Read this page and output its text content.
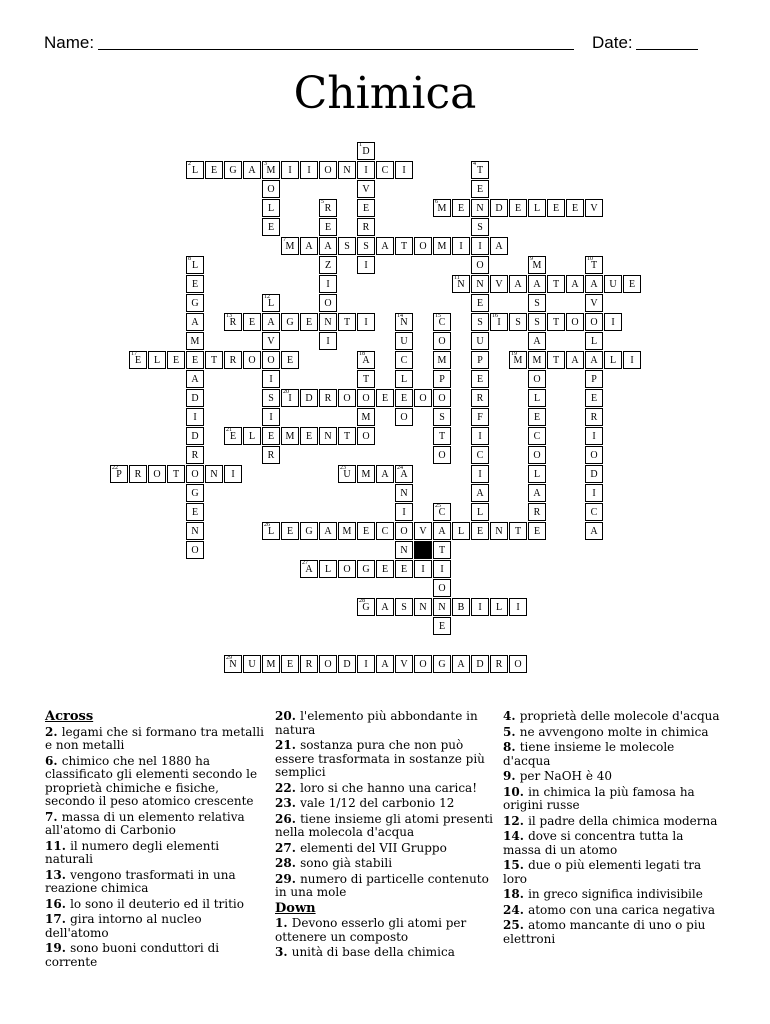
Name:	Date:
Chimica
2
L	E	G	A
3
M	I	I	O	N	I	C	I
6
M	E	N	D	E	L	E	E	V
7
M	A	A	S	S	A	T	O	M	I	I	A
11
N	N	V	A	A	T	A	A	U	E
13
R	E	A	G	E	N	T	I
16
I	S	S	T	O	O	I
17
E	L	E	E	T	R	O	O	E
19
M	M	T	A	A	L	I
20
I	D	R	O	O	E	E	O
21
E	L	E	M	E	N	T	O
22
P	R	O	T	O	N	I
23
U	M	A
26
L	E	G	A	M	E	C	O	V	A	L	E	N	T	E
27
A	L	O	G	E	E	I
28
G	A	S	N	N	B	I	L	I
29
N	U	M	E	R	O	D	I	A	V	O	G	A	D	R	O
1
D
V
E
R
I
O
L
E
4
T
E
S
O
E
S
U
P
E
R
F
I
C
I
A
L
5
R
E
Z
I
O
I
8
L
E
G
A
M
A
D
I
D
R
G
E
N
O
9
M
S
A
O
L
E
C
O
L
A
R
10
T
V
L
P
E
R
I
O
D
I
C
A
12
L
V
I
S
I
R
14
N
U
C
L
O
15
C
O
M
P
O
S
T
O
18
A
T
M
24
A
N
I
N
25
C
T
I
O
E
Across
2. legami che si formano tra metalli e non metalli
6. chimico che nel 1880 ha classificato gli elementi secondo le proprietà chimiche e fisiche, secondo il peso atomico crescente
7. massa di un elemento relativa all'atomo di Carbonio
11. il numero degli elementi naturali
13. vengono trasformati in una reazione chimica
16. lo sono il deuterio ed il tritio
17. gira intorno al nucleo dell'atomo
19. sono buoni conduttori di corrente
20. l'elemento più abbondante in natura
21. sostanza pura che non può essere trasformata in sostanze più semplici
22. loro si che hanno una carica!
23. vale 1/12 del carbonio 12
26. tiene insieme gli atomi presenti nella molecola d'acqua
27. elementi del VII Gruppo
28. sono già stabili
29. numero di particelle contenuto in una mole
Down
1. Devono esserlo gli atomi per ottenere un composto
3. unità di base della chimica
4. proprietà delle molecole d'acqua
5. ne avvengono molte in chimica
8. tiene insieme le molecole d'acqua
9. per NaOH è 40
10. in chimica la più famosa ha origini russe
12. il padre della chimica moderna
14. dove si concentra tutta la massa di un atomo
15. due o più elementi legati tra loro
18. in greco significa indivisibile
24. atomo con una carica negativa
25. atomo mancante di uno o piu elettroni
